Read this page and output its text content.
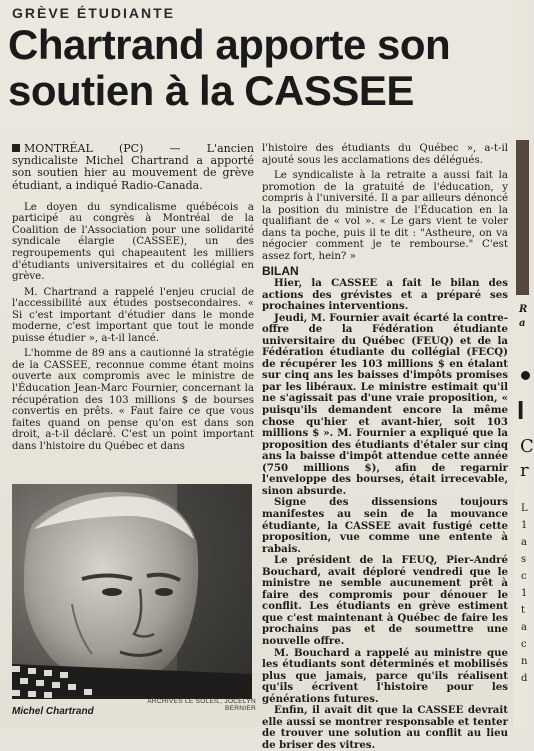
GRÈVE ÉTUDIANTE
Chartrand apporte son soutien à la CASSEE

MONTRÉAL (PC) — L'ancien syndicaliste Michel Chartrand a apporté son soutien hier au mouvement de grève étudiant, a indiqué Radio-Canada.

Le doyen du syndicalisme québécois a participé au congrès à Montréal de la Coalition de l'Association pour une solidarité syndicale élargie (CASSEE), un des regroupements qui chapeautent les milliers d'étudiants universitaires et du collégial en grève.

M. Chartrand a rappelé l'enjeu crucial de l'accessibilité aux études postsecondaires. « Si c'est important d'étudier dans le monde moderne, c'est important que tout le monde puisse étudier », a-t-il lancé.

L'homme de 89 ans a cautionné la stratégie de la CASSEE, reconnue comme étant moins ouverte aux compromis avec le ministre de l'Éducation Jean-Marc Fournier, concernant la récupération des 103 millions $ de bourses convertis en prêts. « Faut faire ce que vous faites quand on pense qu'on est dans son droit, a-t-il déclaré. C'est un point important dans l'histoire du Québec et dans

l'histoire des étudiants du Québec », a-t-il ajouté sous les acclamations des délégués.

Le syndicaliste à la retraite a aussi fait la promotion de la gratuité de l'éducation, y compris à l'université. Il a par ailleurs dénoncé la position du ministre de l'Éducation en la qualifiant de « vol ». « Le gars vient te voler dans ta poche, puis il te dit : "Astheure, on va négocier comment je te rembourse." C'est assez fort, hein? »

BILAN

Hier, la CASSEE a fait le bilan des actions des grévistes et a préparé ses prochaines interventions.

Jeudi, M. Fournier avait écarté la contre-offre de la Fédération étudiante universitaire du Québec (FEUQ) et de la Fédération étudiante du collégial (FECQ) de récupérer les 103 millions $ en étalant sur cinq ans les baisses d'impôts promises par les libéraux. Le ministre estimait qu'il ne s'agissait pas d'une vraie proposition, « puisqu'ils demandent encore la même chose qu'hier et avant-hier, soit 103 millions $ ». M. Fournier a expliqué que la proposition des étudiants d'étaler sur cinq ans la baisse d'impôt attendue cette année (750 millions $), afin de regarnir l'enveloppe des bourses, était irrecevable, sinon absurde.

Signe des dissensions toujours manifestes au sein de la mouvance étudiante, la CASSEE avait fustigé cette proposition, vue comme une entente à rabais.

Le président de la FEUQ, Pier-André Bouchard, avait déploré vendredi que le ministre ne semble aucunement prêt à faire des compromis pour dénouer le conflit. Les étudiants en grève estiment que c'est maintenant à Québec de faire les prochains pas et de soumettre une nouvelle offre.

M. Bouchard a rappelé au ministre que les étudiants sont déterminés et mobilisés plus que jamais, parce qu'ils réalisent qu'ils écrivent l'histoire pour les générations futures.

Enfin, il avait dit que la CASSEE devrait elle aussi se montrer responsable et tenter de trouver une solution au conflit au lieu de briser des vitres.

ARCHIVES LE SOLEIL, JOCELYN BERNIER
Michel Chartrand
R
a
I
C
r
L
1
a
s
c
1
t
a
c
n
d
